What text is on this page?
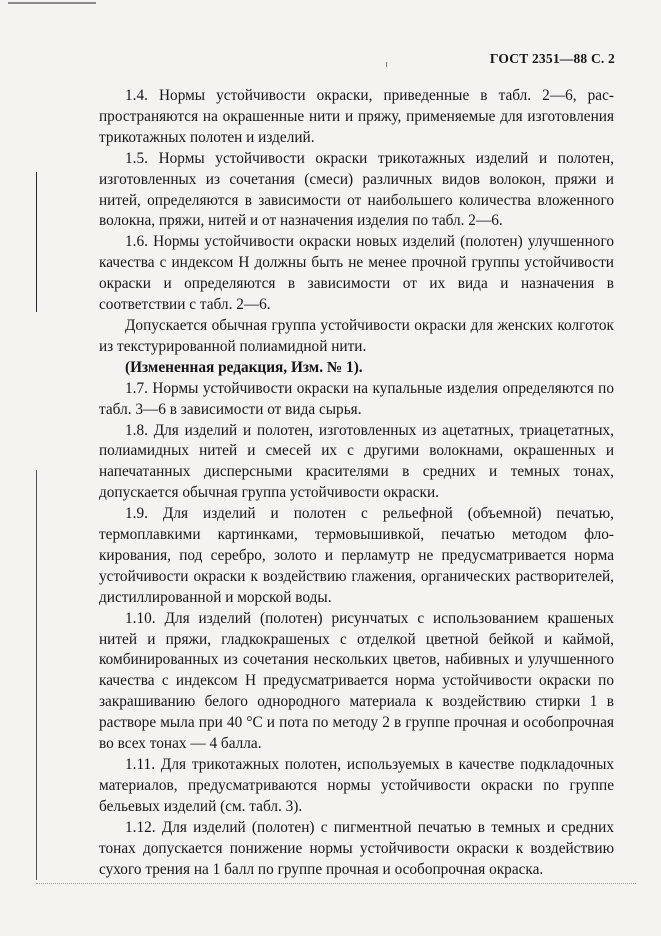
ГОСТ 2351—88 С. 2

1.4. Нормы устойчивости окраски, приведенные в табл. 2—6, распространяются на окрашенные нити и пряжу, применяемые для изготовления трикотажных полотен и изделий.

1.5. Нормы устойчивости окраски трикотажных изделий и полотен, изготовленных из сочетания (смеси) различных видов волокон, пряжи и нитей, определяются в зависимости от наибольшего количества вложенного волокна, пряжи, нитей и от назначения изделия по табл. 2—6.

1.6. Нормы устойчивости окраски новых изделий (полотен) улучшенного качества с индексом Н должны быть не менее прочной группы устойчивости окраски и определяются в зависимости от их вида и назначения в соответствии с табл. 2—6.

Допускается обычная группа устойчивости окраски для женских колготок из текстурированной полиамидной нити.

(Измененная редакция, Изм. № 1).

1.7. Нормы устойчивости окраски на купальные изделия определяются по табл. 3—6 в зависимости от вида сырья.

1.8. Для изделий и полотен, изготовленных из ацетатных, триацетатных, полиамидных нитей и смесей их с другими волокнами, окрашенных и напечатанных дисперсными красителями в средних и темных тонах, допускается обычная группа устойчивости окраски.

1.9. Для изделий и полотен с рельефной (объемной) печатью, термоплавкими картинками, термовышивкой, печатью методом флокирования, под серебро, золото и перламутр не предусматривается норма устойчивости окраски к воздействию глажения, органических растворителей, дистиллированной и морской воды.

1.10. Для изделий (полотен) рисунчатых с использованием крашеных нитей и пряжи, гладкокрашеных с отделкой цветной бейкой и каймой, комбинированных из сочетания нескольких цветов, набивных и улучшенного качества с индексом Н предусматривается норма устойчивости окраски по закрашиванию белого однородного материала к воздействию стирки 1 в растворе мыла при 40 °С и пота по методу 2 в группе прочная и особопрочная во всех тонах — 4 балла.

1.11. Для трикотажных полотен, используемых в качестве подкладочных материалов, предусматриваются нормы устойчивости окраски по группе бельевых изделий (см. табл. 3).

1.12. Для изделий (полотен) с пигментной печатью в темных и средних тонах допускается понижение нормы устойчивости окраски к воздействию сухого трения на 1 балл по группе прочная и особопрочная окраска.
